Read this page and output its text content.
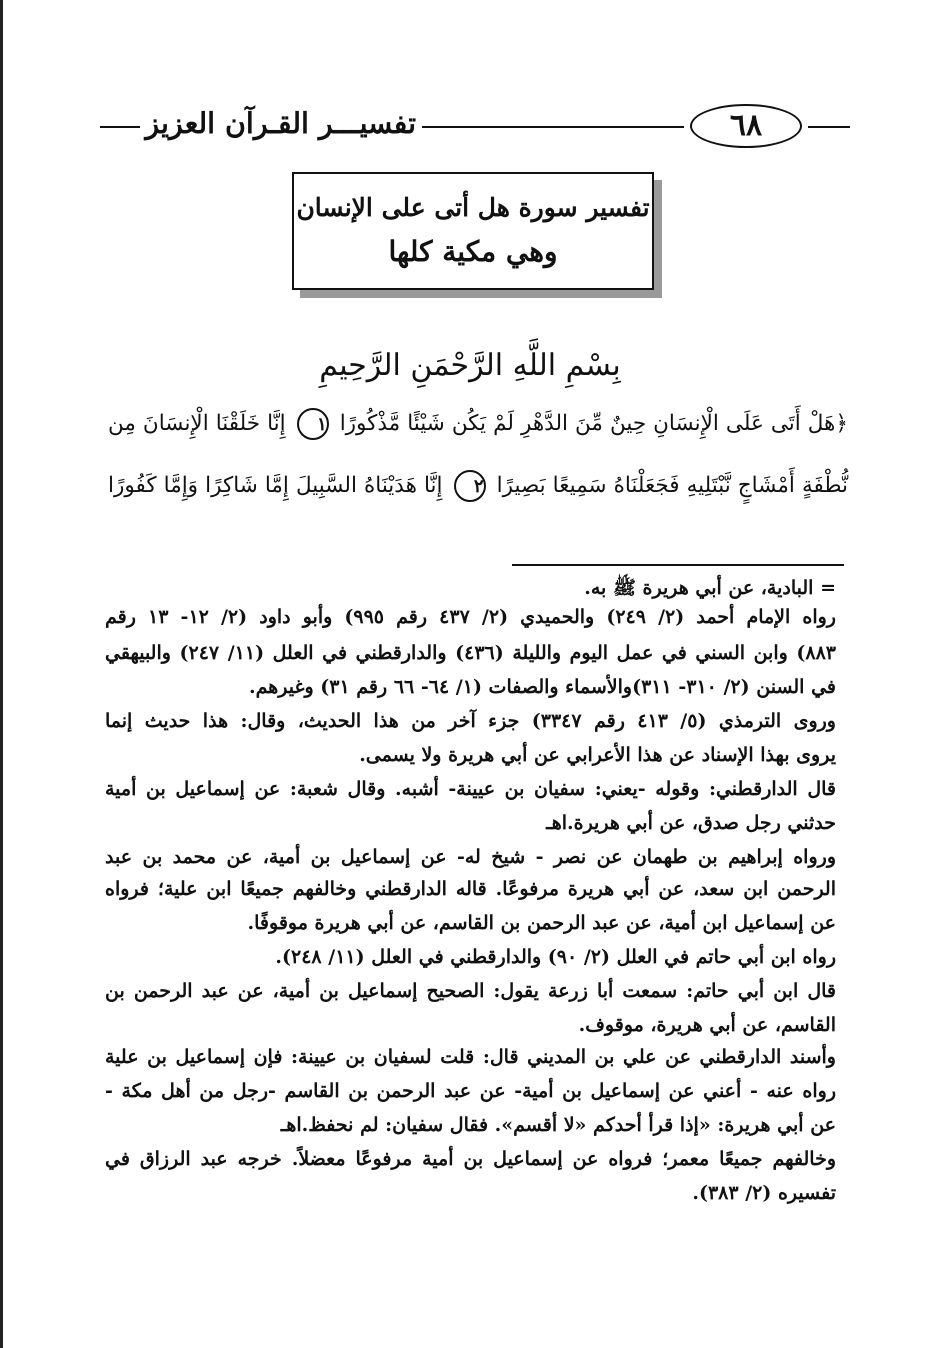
تفسيـــر القـرآن العزيز	٦٨
تفسير سورة هل أتى على الإنسان
وهي مكية كلها
بِسْمِ اللَّهِ الرَّحْمَنِ الرَّحِيمِ
﴿هَلْ أَتَى عَلَى الْإِنسَانِ حِينٌ مِّنَ الدَّهْرِ لَمْ يَكُن شَيْئًا مَّذْكُورًا ١ إِنَّا خَلَقْنَا الْإِنسَانَ مِن
نُّطْفَةٍ أَمْشَاجٍ نَّبْتَلِيهِ فَجَعَلْنَاهُ سَمِيعًا بَصِيرًا ٢ إِنَّا هَدَيْنَاهُ السَّبِيلَ إِمَّا شَاكِرًا وَإِمَّا كَفُورًا
= البادية، عن أبي هريرة ﷺ به.
رواه الإمام أحمد (٢/ ٢٤٩) والحميدي (٢/ ٤٣٧ رقم ٩٩٥) وأبو داود (٢/ ١٢- ١٣ رقم
٨٨٣) وابن السني في عمل اليوم والليلة (٤٣٦) والدارقطني في العلل (١١/ ٢٤٧) والبيهقي
في السنن (٢/ ٣١٠- ٣١١)والأسماء والصفات (١/ ٦٤- ٦٦ رقم ٣١) وغيرهم.
وروى الترمذي (٥/ ٤١٣ رقم ٣٣٤٧) جزء آخر من هذا الحديث، وقال: هذا حديث إنما
يروى بهذا الإسناد عن هذا الأعرابي عن أبي هريرة ولا يسمى.
قال الدارقطني: وقوله -يعني: سفيان بن عيينة- أشبه. وقال شعبة: عن إسماعيل بن أمية
حدثني رجل صدق، عن أبي هريرة.اهـ
ورواه إبراهيم بن طهمان عن نصر - شيخ له- عن إسماعيل بن أمية، عن محمد بن عبد
الرحمن ابن سعد، عن أبي هريرة مرفوعًا. قاله الدارقطني وخالفهم جميعًا ابن علية؛ فرواه
عن إسماعيل ابن أمية، عن عبد الرحمن بن القاسم، عن أبي هريرة موقوفًا.
رواه ابن أبي حاتم في العلل (٢/ ٩٠) والدارقطني في العلل (١١/ ٢٤٨).
قال ابن أبي حاتم: سمعت أبا زرعة يقول: الصحيح إسماعيل بن أمية، عن عبد الرحمن بن
القاسم، عن أبي هريرة، موقوف.
وأسند الدارقطني عن علي بن المديني قال: قلت لسفيان بن عيينة: فإن إسماعيل بن علية
رواه عنه - أعني عن إسماعيل بن أمية- عن عبد الرحمن بن القاسم -رجل من أهل مكة -
عن أبي هريرة: «إذا قرأ أحدكم «لا أقسم». فقال سفيان: لم نحفظ.اهـ
وخالفهم جميعًا معمر؛ فرواه عن إسماعيل بن أمية مرفوعًا معضلاً. خرجه عبد الرزاق في
تفسيره (٢/ ٣٨٣).
